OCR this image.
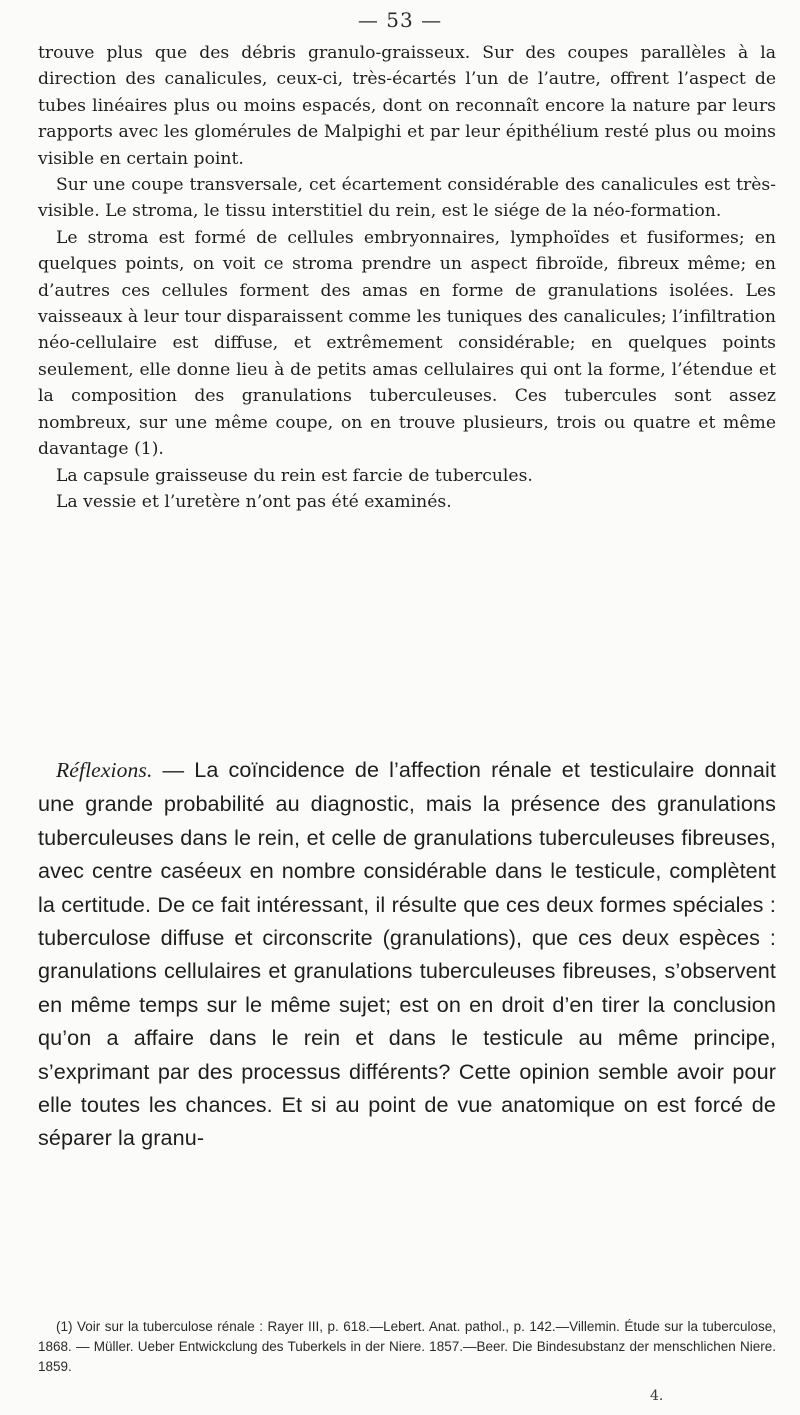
— 53 —

trouve plus que des débris granulo-graisseux. Sur des coupes parallèles à la direction des canalicules, ceux-ci, très-écartés l’un de l’autre, offrent l’aspect de tubes linéaires plus ou moins espacés, dont on reconnaît encore la nature par leurs rapports avec les glomérules de Malpighi et par leur épithélium resté plus ou moins visible en certain point.

Sur une coupe transversale, cet écartement considérable des canalicules est très-visible. Le stroma, le tissu interstitiel du rein, est le siége de la néo-formation.

Le stroma est formé de cellules embryonnaires, lymphoïdes et fusiformes; en quelques points, on voit ce stroma prendre un aspect fibroïde, fibreux même; en d’autres ces cellules forment des amas en forme de granulations isolées. Les vaisseaux à leur tour disparaissent comme les tuniques des canalicules; l’infiltration néo-cellulaire est diffuse, et extrêmement considérable; en quelques points seulement, elle donne lieu à de petits amas cellulaires qui ont la forme, l’étendue et la composition des granulations tuberculeuses. Ces tubercules sont assez nombreux, sur une même coupe, on en trouve plusieurs, trois ou quatre et même davantage (1).

La capsule graisseuse du rein est farcie de tubercules.

La vessie et l’uretère n’ont pas été examinés.

Réflexions. — La coïncidence de l’affection rénale et testiculaire donnait une grande probabilité au diagnostic, mais la présence des granulations tuberculeuses dans le rein, et celle de granulations tuberculeuses fibreuses, avec centre caséeux en nombre considérable dans le testicule, complètent la certitude. De ce fait intéressant, il résulte que ces deux formes spéciales : tuberculose diffuse et circonscrite (granulations), que ces deux espèces : granulations cellulaires et granulations tuberculeuses fibreuses, s’observent en même temps sur le même sujet; est on en droit d’en tirer la conclusion qu’on a affaire dans le rein et dans le testicule au même principe, s’exprimant par des processus différents? Cette opinion semble avoir pour elle toutes les chances. Et si au point de vue anatomique on est forcé de séparer la granu-

(1) Voir sur la tuberculose rénale : Rayer III, p. 618.—Lebert. Anat. pathol., p. 142.—Villemin. Étude sur la tuberculose, 1868. — Müller. Ueber Entwickclung des Tuberkels in der Niere. 1857.—Beer. Die Bindesubstanz der menschlichen Niere. 1859.

4.
